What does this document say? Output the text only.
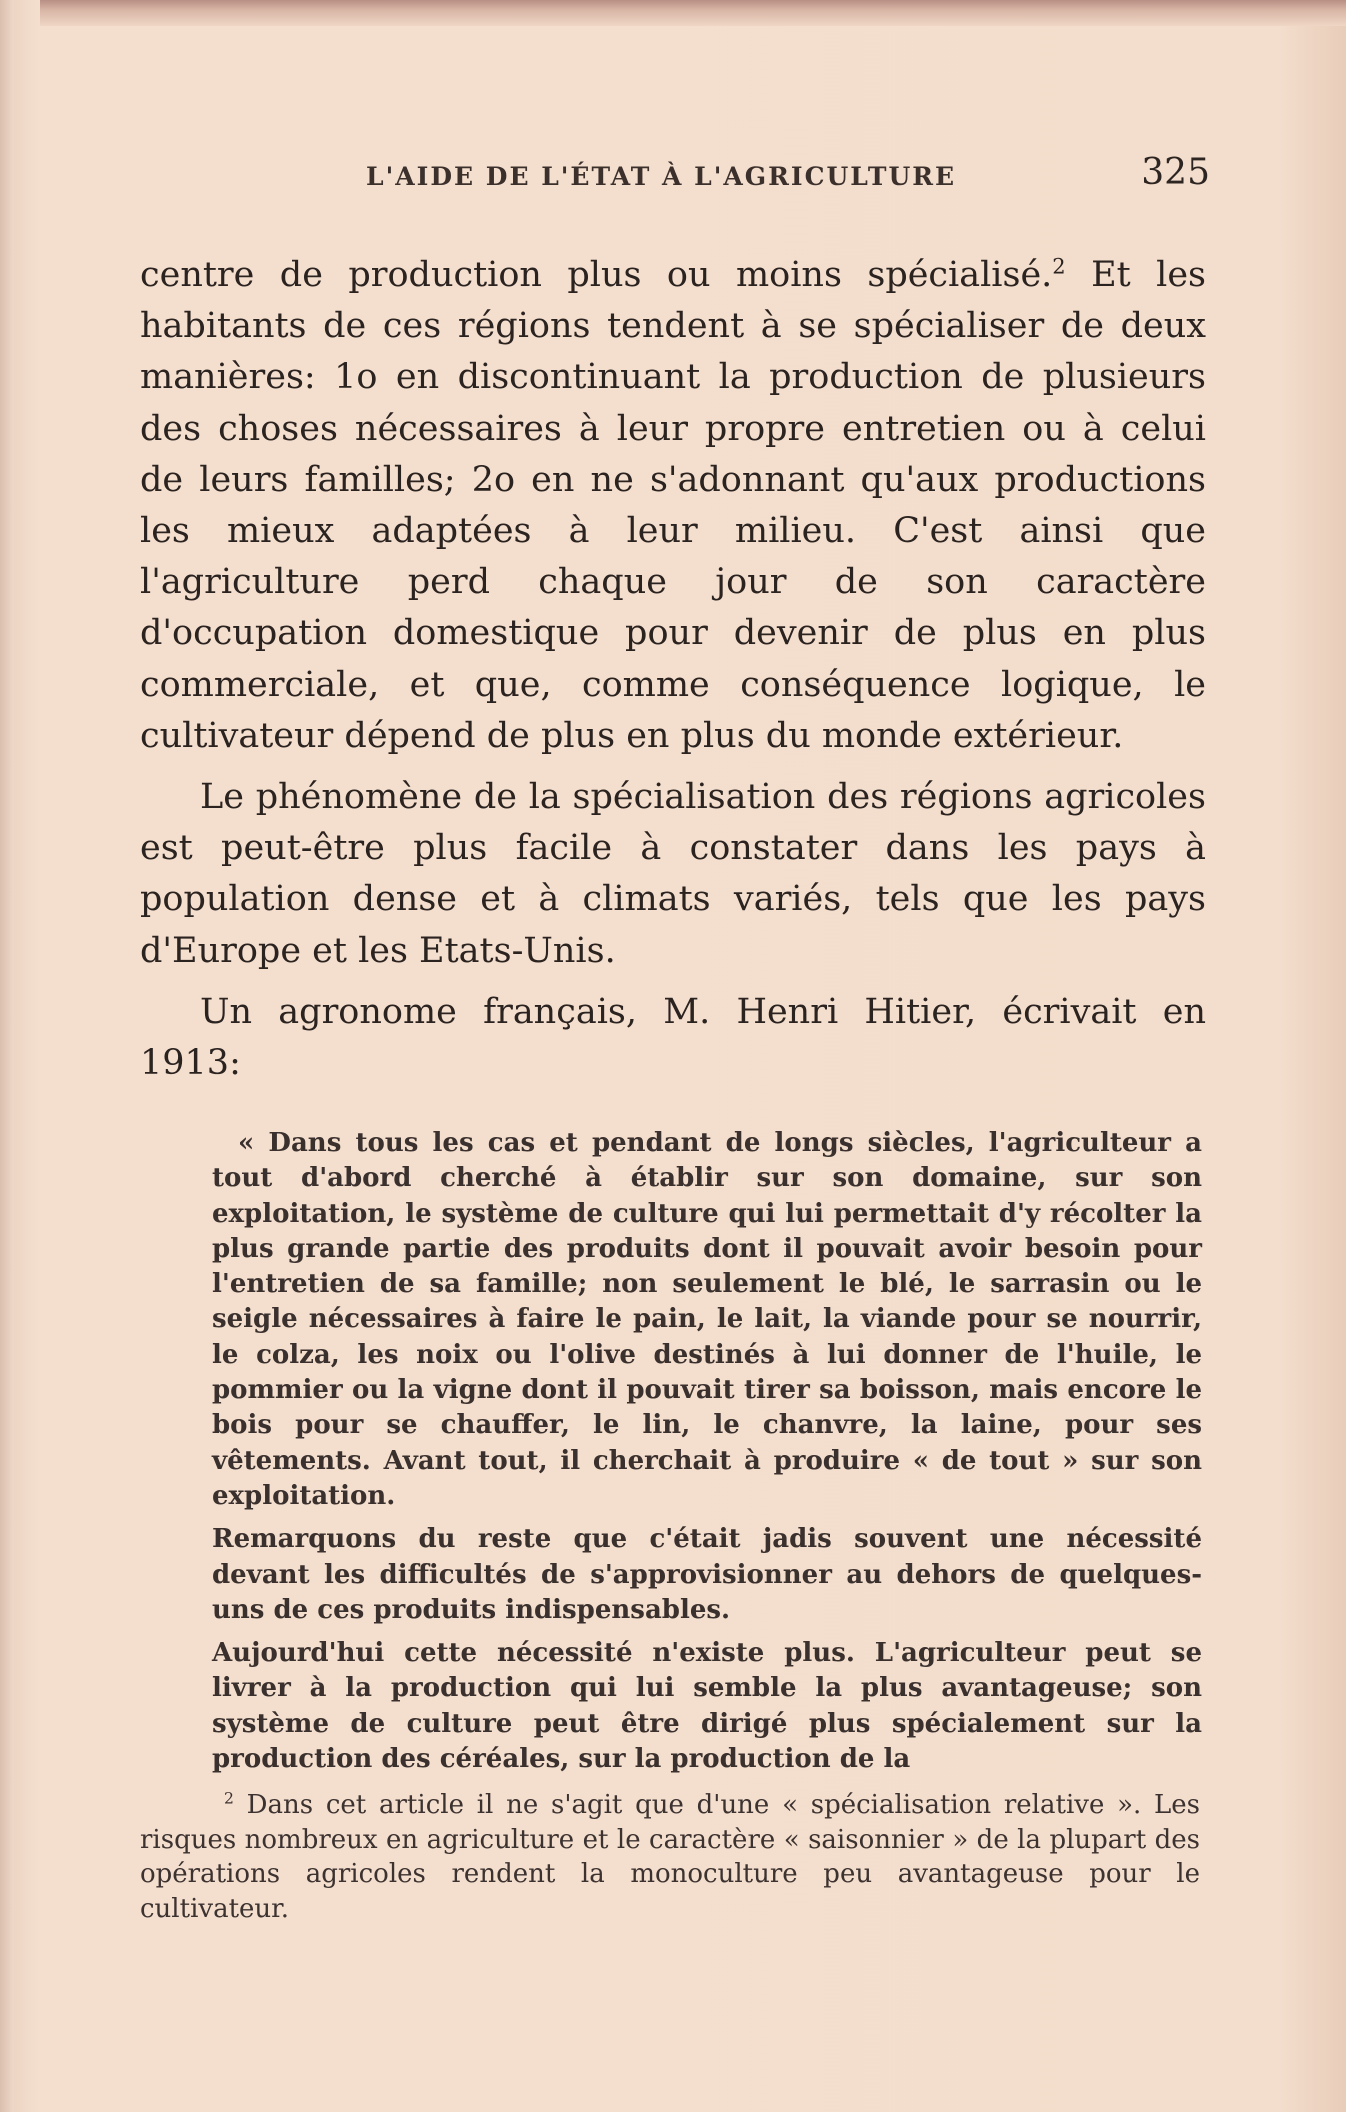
L'AIDE DE L'ÉTAT À L'AGRICULTURE	325

centre de production plus ou moins spécialisé.$^2$ Et les habitants de ces régions tendent à se spécialiser de deux manières: 1o en discontinuant la production de plusieurs des choses nécessaires à leur propre entretien ou à celui de leurs familles; 2o en ne s'adonnant qu'aux productions les mieux adaptées à leur milieu. C'est ainsi que l'agriculture perd chaque jour de son caractère d'occupation domestique pour devenir de plus en plus commerciale, et que, comme conséquence logique, le cultivateur dépend de plus en plus du monde extérieur.

Le phénomène de la spécialisation des régions agricoles est peut-être plus facile à constater dans les pays à population dense et à climats variés, tels que les pays d'Europe et les Etats-Unis.

Un agronome français, M. Henri Hitier, écrivait en 1913:

« Dans tous les cas et pendant de longs siècles, l'agriculteur a tout d'abord cherché à établir sur son domaine, sur son exploitation, le système de culture qui lui permettait d'y récolter la plus grande partie des produits dont il pouvait avoir besoin pour l'entretien de sa famille; non seulement le blé, le sarrasin ou le seigle nécessaires à faire le pain, le lait, la viande pour se nourrir, le colza, les noix ou l'olive destinés à lui donner de l'huile, le pommier ou la vigne dont il pouvait tirer sa boisson, mais encore le bois pour se chauffer, le lin, le chanvre, la laine, pour ses vêtements. Avant tout, il cherchait à produire « de tout » sur son exploitation.

Remarquons du reste que c'était jadis souvent une nécessité devant les difficultés de s'approvisionner au dehors de quelques-uns de ces produits indispensables.

Aujourd'hui cette nécessité n'existe plus. L'agriculteur peut se livrer à la production qui lui semble la plus avantageuse; son système de culture peut être dirigé plus spécialement sur la production des céréales, sur la production de la

$^2$ Dans cet article il ne s'agit que d'une « spécialisation relative ». Les risques nombreux en agriculture et le caractère « saisonnier » de la plupart des opérations agricoles rendent la monoculture peu avantageuse pour le cultivateur.
